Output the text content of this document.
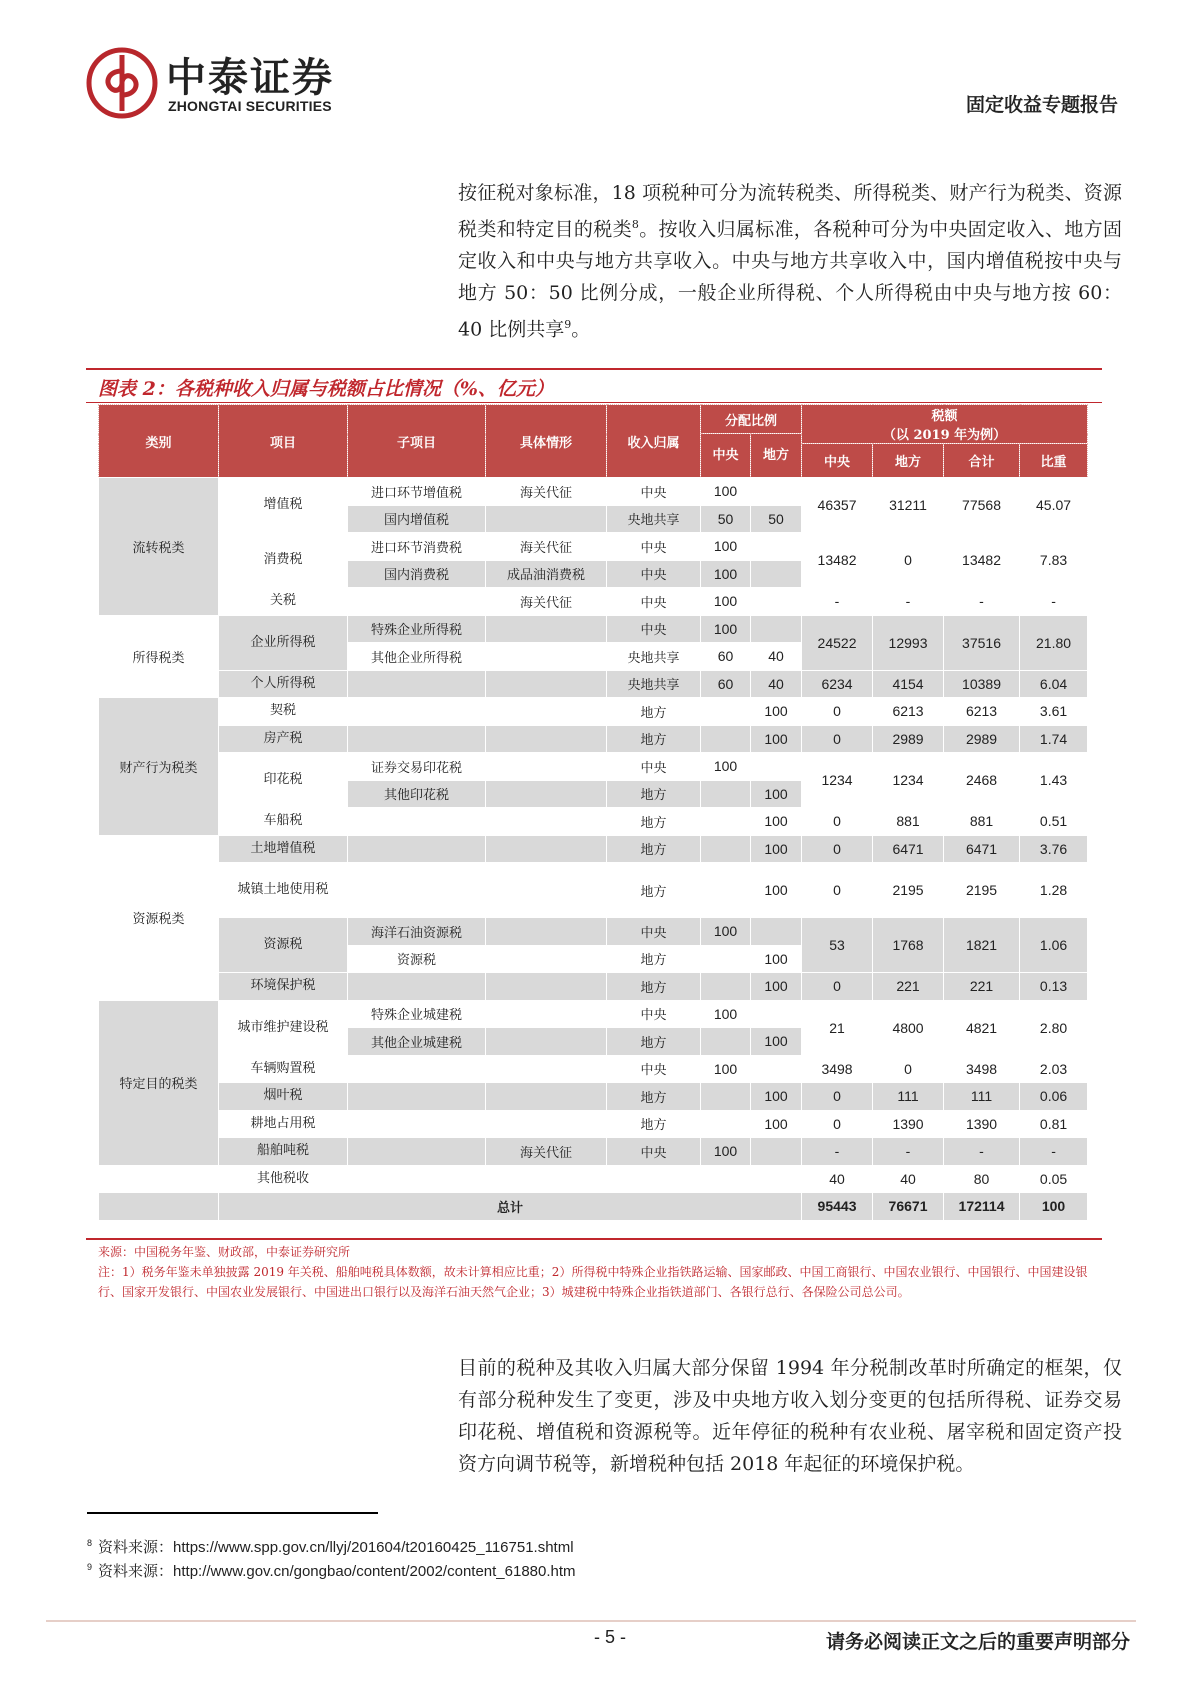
中泰证券
ZHONGTAI SECURITIES	固定收益专题报告
按征税对象标准，18 项税种可分为流转税类、所得税类、财产行为税类、资源税类和特定目的税类$^8$。按收入归属标准，各税种可分为中央固定收入、地方固定收入和中央与地方共享收入。中央与地方共享收入中，国内增值税按中央与地方 50：50 比例分成，一般企业所得税、个人所得税由中央与地方按 60：40 比例共享$^9$。
图表 2：各税种收入归属与税额占比情况（%、亿元）
类别	项目	子项目	具体情形	收入归属	分配比例		税额
（以 2019 年为例）			

					中央	地方				
							中央	地方	合计	比重
流转税类	增值税	进口环节增值税	海关代征	中央	100		46357	31211	77568	45.07
		国内增值税		央地共享	50	50				
	消费税	进口环节消费税	海关代征	中央	100		13482	0	13482	7.83
		国内消费税	成品油消费税	中央	100					
	关税		海关代征	中央	100		-	-	-	-
所得税类	企业所得税	特殊企业所得税		中央	100		24522	12993	37516	21.80
		其他企业所得税		央地共享	60	40				
	个人所得税			央地共享	60	40	6234	4154	10389	6.04
财产行为税类	契税			地方		100	0	6213	6213	3.61
	房产税			地方		100	0	2989	2989	1.74
	印花税	证券交易印花税		中央	100		1234	1234	2468	1.43
		其他印花税		地方		100				
	车船税			地方		100	0	881	881	0.51
资源税类	土地增值税			地方		100	0	6471	6471	3.76
	城镇土地使用税			地方		100	0	2195	2195	1.28
	资源税	海洋石油资源税		中央	100		53	1768	1821	1.06
		资源税		地方		100				
	环境保护税			地方		100	0	221	221	0.13
特定目的税类	城市维护建设税	特殊企业城建税		中央	100		21	4800	4821	2.80
		其他企业城建税		地方		100				
	车辆购置税			中央	100		3498	0	3498	2.03
	烟叶税			地方		100	0	111	111	0.06
	耕地占用税			地方		100	0	1390	1390	0.81
	船舶吨税		海关代征	中央	100		-	-	-	-
	其他税收						40	40	80	0.05
	总计						95443	76671	172114	100
来源：中国税务年鉴、财政部，中泰证券研究所
注：1）税务年鉴未单独披露 2019 年关税、船舶吨税具体数额，故未计算相应比重；2）所得税中特殊企业指铁路运输、国家邮政、中国工商银行、中国农业银行、中国银行、中国建设银行、国家开发银行、中国农业发展银行、中国进出口银行以及海洋石油天然气企业；3）城建税中特殊企业指铁道部门、各银行总行、各保险公司总公司。
目前的税种及其收入归属大部分保留 1994 年分税制改革时所确定的框架，仅有部分税种发生了变更，涉及中央地方收入划分变更的包括所得税、证券交易印花税、增值税和资源税等。近年停征的税种有农业税、屠宰税和固定资产投资方向调节税等，新增税种包括 2018 年起征的环境保护税。
$^8$ 资料来源：https://www.spp.gov.cn/llyj/201604/t20160425_116751.shtml
$^9$ 资料来源：http://www.gov.cn/gongbao/content/2002/content_61880.htm
- 5 -	请务必阅读正文之后的重要声明部分
